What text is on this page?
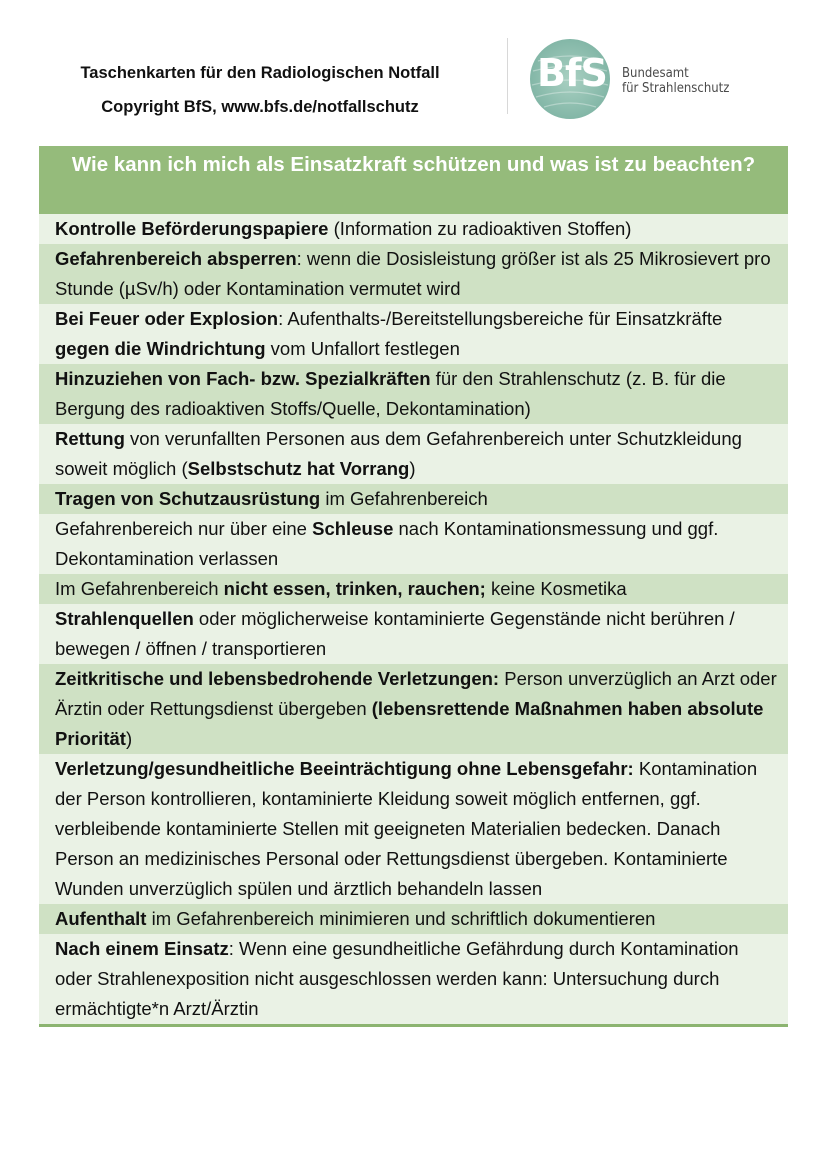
Taschenkarten für den Radiologischen Notfall
Copyright BfS, www.bfs.de/notfallschutz
BfS	Bundesamt
für Strahlenschutz
Wie kann ich mich als Einsatzkraft schützen und was ist zu beachten?
Kontrolle Beförderungspapiere (Information zu radioaktiven Stoffen)
Gefahrenbereich absperren: wenn die Dosisleistung größer ist als 25 Mikrosievert pro Stunde (µSv/h) oder Kontamination vermutet wird
Bei Feuer oder Explosion: Aufenthalts-/Bereitstellungsbereiche für Einsatzkräfte gegen die Windrichtung vom Unfallort festlegen
Hinzuziehen von Fach- bzw. Spezialkräften für den Strahlenschutz (z. B. für die Bergung des radioaktiven Stoffs/Quelle, Dekontamination)
Rettung von verunfallten Personen aus dem Gefahrenbereich unter Schutzkleidung soweit möglich (Selbstschutz hat Vorrang)
Tragen von Schutzausrüstung im Gefahrenbereich
Gefahrenbereich nur über eine Schleuse nach Kontaminationsmessung und ggf. Dekontamination verlassen
Im Gefahrenbereich nicht essen, trinken, rauchen; keine Kosmetika
Strahlenquellen oder möglicherweise kontaminierte Gegenstände nicht berühren / bewegen / öffnen / transportieren
Zeitkritische und lebensbedrohende Verletzungen: Person unverzüglich an Arzt oder Ärztin oder Rettungsdienst übergeben (lebensrettende Maßnahmen haben absolute Priorität)
Verletzung/gesundheitliche Beeinträchtigung ohne Lebensgefahr: Kontamination der Person kontrollieren, kontaminierte Kleidung soweit möglich entfernen, ggf. verbleibende kontaminierte Stellen mit geeigneten Materialien bedecken. Danach Person an medizinisches Personal oder Rettungsdienst übergeben. Kontaminierte Wunden unverzüglich spülen und ärztlich behandeln lassen
Aufenthalt im Gefahrenbereich minimieren und schriftlich dokumentieren
Nach einem Einsatz: Wenn eine gesundheitliche Gefährdung durch Kontamination oder Strahlenexposition nicht ausgeschlossen werden kann: Untersuchung durch ermächtigte*n Arzt/Ärztin
